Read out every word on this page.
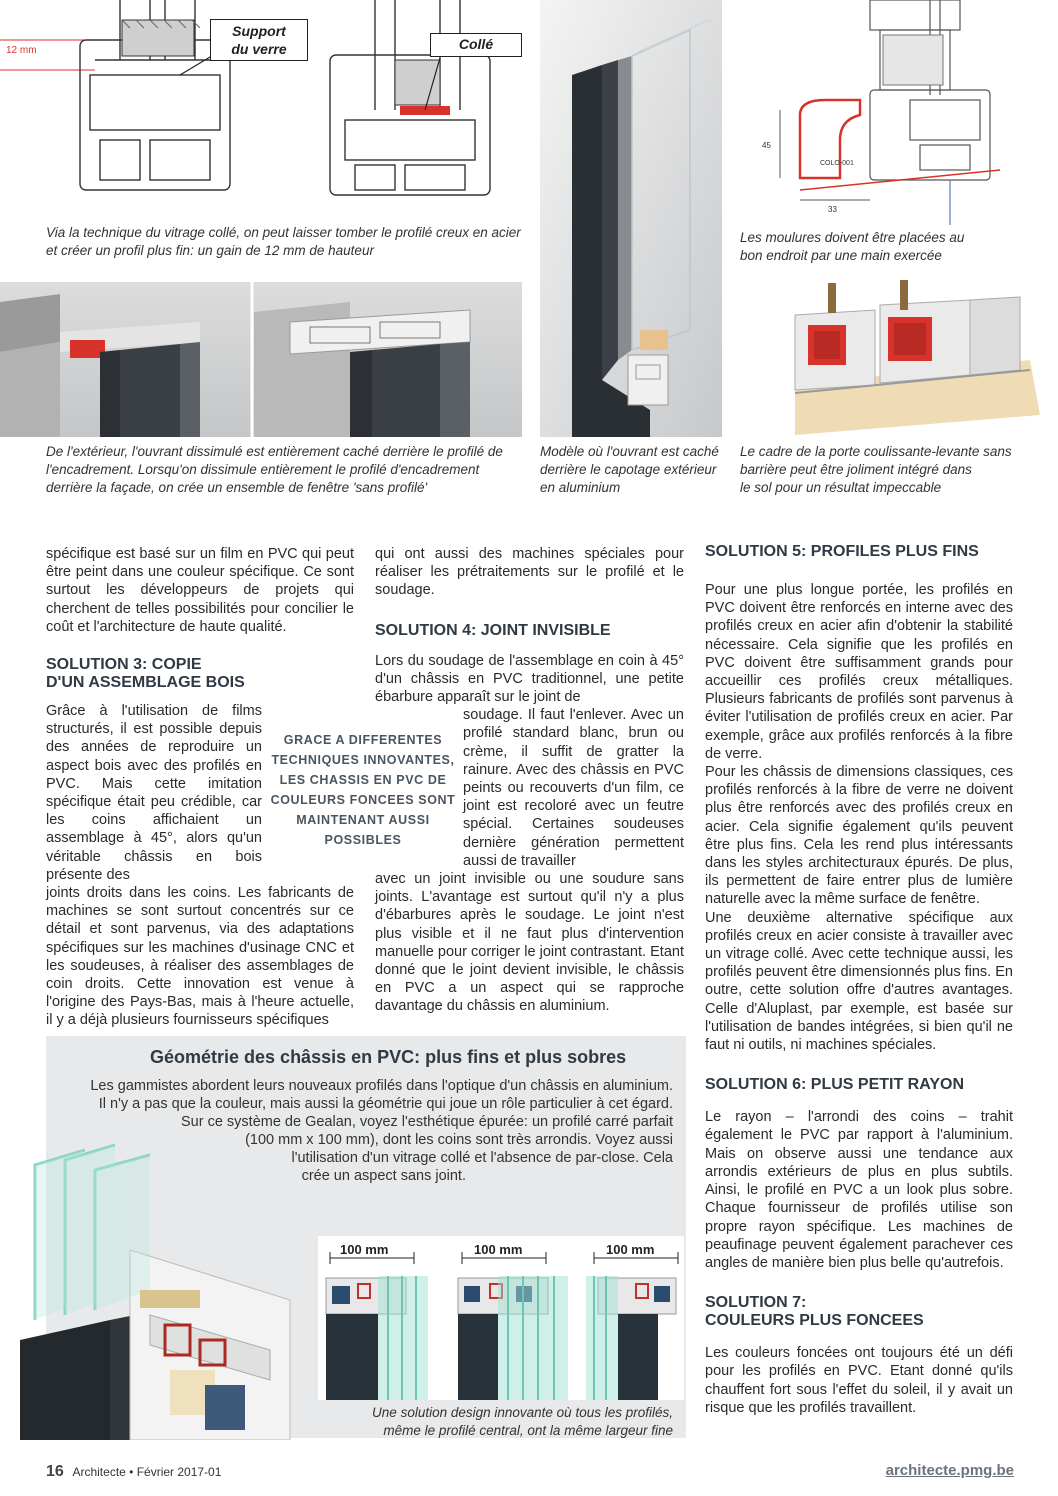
Support
du verre	Collé
12 mm
Via la technique du vitrage collé, on peut laisser tomber le profilé creux en acier
et créer un profil plus fin: un gain de 12 mm de hauteur
Modèle où l'ouvrant est caché
derrière le capotage extérieur
en aluminium
45
33
COLO-001
Les moulures doivent être placées au
bon endroit par une main exercée
De l'extérieur, l'ouvrant dissimulé est entièrement caché derrière le profilé de
l'encadrement. Lorsqu'on dissimule entièrement le profilé d'encadrement
derrière la façade, on crée un ensemble de fenêtre 'sans profilé'
Le cadre de la porte coulissante-levante sans
barrière peut être joliment intégré dans
le sol pour un résultat impeccable

spécifique est basé sur un film en PVC qui peut être peint dans une couleur spécifique. Ce sont surtout les développeurs de projets qui cherchent de telles possibilités pour concilier le coût et l'architecture de haute qualité.

SOLUTION 3: COPIE
D'UN ASSEMBLAGE BOIS

Grâce à l'utilisation de films structurés, il est possible depuis des années de reproduire un aspect bois avec des profilés en PVC. Mais cette imitation spécifique était peu crédible, car les coins affichaient un assemblage à 45°, alors qu'un véritable châssis en bois présente des

joints droits dans les coins. Les fabricants de machines se sont surtout concentrés sur ce détail et sont parvenus, via des adaptations spécifiques sur les machines d'usinage CNC et les soudeuses, à réaliser des assemblages de coin droits. Cette innovation est venue à l'origine des Pays-Bas, mais à l'heure actuelle, il y a déjà plusieurs fournisseurs spécifiques

GRACE A DIFFERENTES
TECHNIQUES INNOVANTES,
LES CHASSIS EN PVC DE
COULEURS FONCEES SONT
MAINTENANT AUSSI
POSSIBLES

qui ont aussi des machines spéciales pour réaliser les prétraitements sur le profilé et le soudage.

SOLUTION 4: JOINT INVISIBLE

Lors du soudage de l'assemblage en coin à 45° d'un châssis en PVC traditionnel, une petite ébarbure apparaît sur le joint de

soudage. Il faut l'enlever. Avec un profilé standard blanc, brun ou crème, il suffit de gratter la rainure. Avec des châssis en PVC peints ou recouverts d'un film, ce joint est recoloré avec un feutre spécial. Certaines soudeuses dernière génération permettent aussi de travailler

avec un joint invisible ou une soudure sans joints. L'avantage est surtout qu'il n'y a plus d'ébarbures après le soudage. Le joint n'est plus visible et il ne faut plus d'intervention manuelle pour corriger le joint contrastant. Etant donné que le joint devient invisible, le châssis en PVC a un aspect qui se rapproche davantage du châssis en aluminium.

SOLUTION 5: PROFILES PLUS FINS

Pour une plus longue portée, les profilés en PVC doivent être renforcés en interne avec des profilés creux en acier afin d'obtenir la stabilité nécessaire. Cela signifie que les profilés en PVC doivent être suffisamment grands pour accueillir ces profilés creux métalliques. Plusieurs fabricants de profilés sont parvenus à éviter l'utilisation de profilés creux en acier. Par exemple, grâce aux profilés renforcés à la fibre de verre.

Pour les châssis de dimensions classiques, ces profilés renforcés à la fibre de verre ne doivent plus être renforcés avec des profilés creux en acier. Cela signifie également qu'ils peuvent être plus fins. Cela les rend plus intéressants dans les styles architecturaux épurés. De plus, ils permettent de faire entrer plus de lumière naturelle avec la même surface de fenêtre.

Une deuxième alternative spécifique aux profilés creux en acier consiste à travailler avec un vitrage collé. Avec cette technique aussi, les profilés peuvent être dimensionnés plus fins. En outre, cette solution offre d'autres avantages. Celle d'Aluplast, par exemple, est basée sur l'utilisation de bandes intégrées, si bien qu'il ne faut ni outils, ni machines spéciales.

SOLUTION 6: PLUS PETIT RAYON

Le rayon – l'arrondi des coins – trahit également le PVC par rapport à l'aluminium. Mais on observe aussi une tendance aux arrondis extérieurs de plus en plus subtils. Ainsi, le profilé en PVC a un look plus sobre. Chaque fournisseur de profilés utilise son propre rayon spécifique. Les machines de peaufinage peuvent également parachever ces angles de manière bien plus belle qu'autrefois.

SOLUTION 7:
COULEURS PLUS FONCEES

Les couleurs foncées ont toujours été un défi pour les profilés en PVC. Etant donné qu'ils chauffent fort sous l'effet du soleil, il y avait un risque que les profilés travaillent.

Géométrie des châssis en PVC: plus fins et plus sobres
Les gammistes abordent leurs nouveaux profilés dans l'optique d'un châssis en aluminium.
Il n'y a pas que la couleur, mais aussi la géométrie qui joue un rôle particulier à cet égard.
Sur ce système de Gealan, voyez l'esthétique épurée: un profilé carré parfait
(100 mm x 100 mm), dont les coins sont très arrondis. Voyez aussi
l'utilisation d'un vitrage collé et l'absence de par-close. Cela
crée un aspect sans joint.
100 mm	100 mm	100 mm
Une solution design innovante où tous les profilés,
même le profilé central, ont la même largeur fine
16 Architecte • Février 2017-01	architecte.pmg.be
